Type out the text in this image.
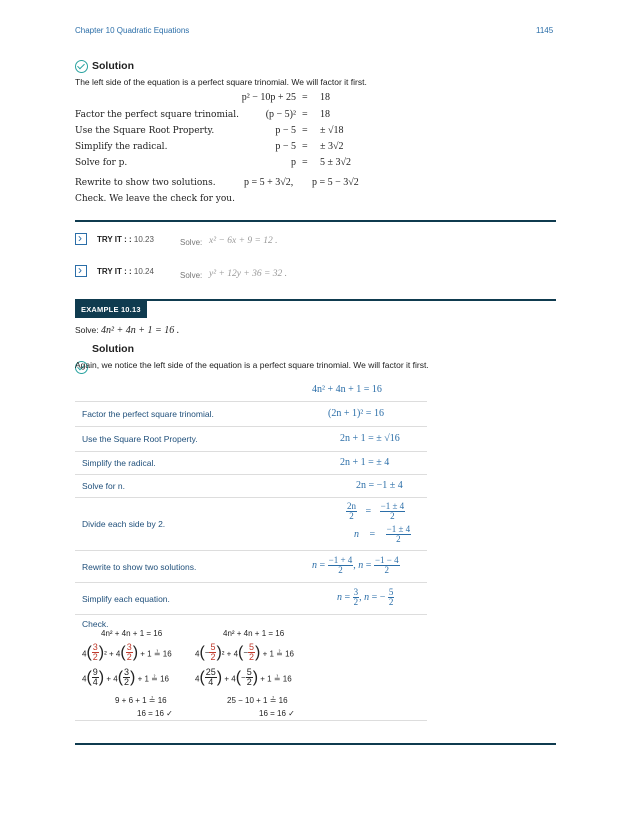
Chapter 10 Quadratic Equations	1145
Solution
The left side of the equation is a perfect square trinomial. We will factor it first.
p² − 10p + 25 = 18
Factor the perfect square trinomial.	(p − 5)² = 18
Use the Square Root Property.	p − 5 = ± √18
Simplify the radical.	p − 5 = ± 3√2
Solve for p.	p = 5 ± 3√2
Rewrite to show two solutions.	p = 5 + 3√2, p = 5 − 3√2
Check. We leave the check for you.
›
TRY IT : : 10.23	Solve: x² − 6x + 9 = 12 .
›
TRY IT : : 10.24	Solve: y² + 12y + 36 = 32 .
EXAMPLE 10.13
Solve: 4n² + 4n + 1 = 16 .
Solution
Again, we notice the left side of the equation is a perfect square trinomial. We will factor it first.
4n² + 4n + 1 = 16
Factor the perfect square trinomial.	(2n + 1)² = 16
Use the Square Root Property.	2n + 1 = ± √16
Simplify the radical.	2n + 1 = ± 4
Solve for n.	2n = −1 ± 4
Divide each side by 2.
$\frac{2n}{2} = \frac{-1 \pm 4}{2}$
$n = \frac{-1 \pm 4}{2}$
Rewrite to show two solutions.	$n = \frac{-1 + 4}{2}$ , $n = \frac{-1 - 4}{2}$
Simplify each equation.	$n = \frac{3}{2}$ , n = − $\frac{5}{2}$
Check.
4n² + 4n + 1 = 16	4n² + 4n + 1 = 16
4 ( $\frac{3}{2}$ ) ² + 4 ( $\frac{3}{2}$ ) + 1 ≟ 16	4 ( − $\frac{5}{2}$ ) ² + 4 ( − $\frac{5}{2}$ ) + 1 ≟ 16
4 ( $\frac{9}{4}$ ) + 4 ( $\frac{3}{2}$ ) + 1 ≟ 16	4 ( $\frac{25}{4}$ ) + 4 ( − $\frac{5}{2}$ ) + 1 ≟ 16
9 + 6 + 1 ≟ 16	25 − 10 + 1 ≟ 16
16 = 16 ✓	16 = 16 ✓
